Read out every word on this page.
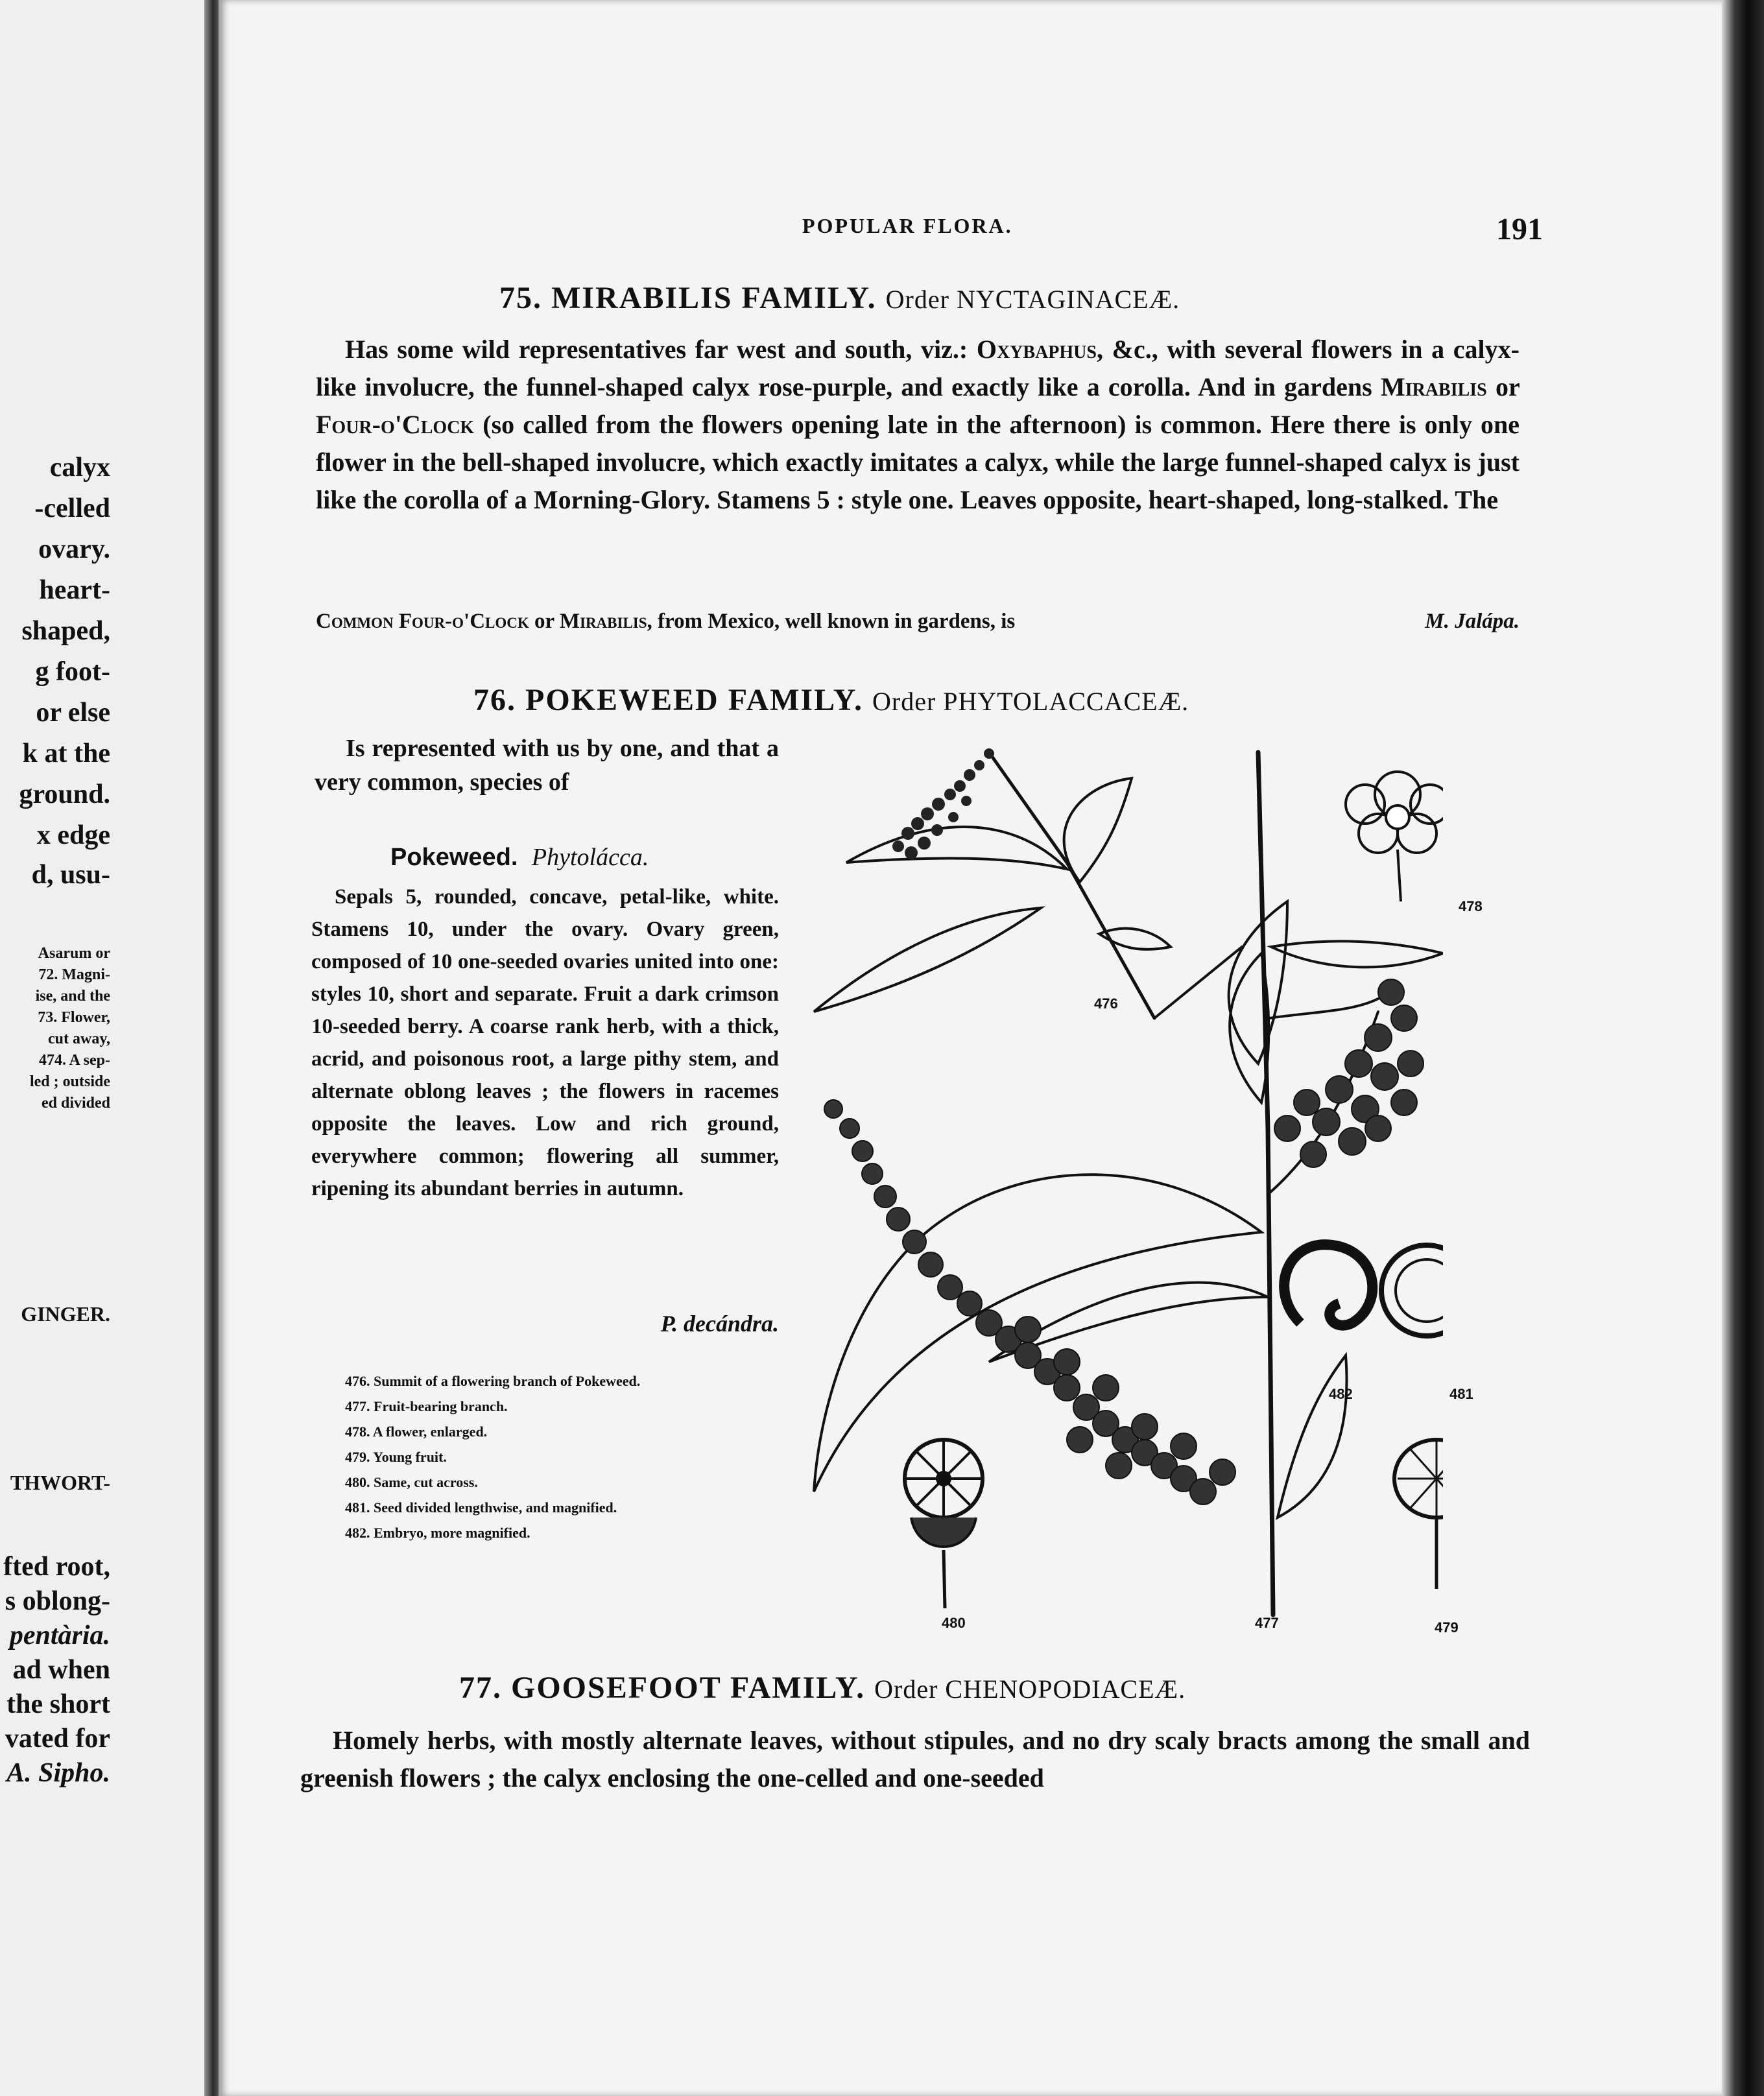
calyx
-celled
ovary.
heart-
shaped,
g foot-
or else
k at the
ground.
x edge
d, usu-
Asarum or
72. Magni-
ise, and the
73. Flower,
cut away,
474. A sep-
led ; outside
ed divided
GINGER.
THWORT-
fted root,
s oblong-
pentària.
ad when
the short
vated for
A. Sipho.
POPULAR FLORA.	191
75. MIRABILIS FAMILY. Order NYCTAGINACEÆ.
Has some wild representatives far west and south, viz.: Oxybaphus, &c., with several flowers in a calyx-like involucre, the funnel-shaped calyx rose-purple, and exactly like a corolla. And in gardens Mirabilis or Four-o'Clock (so called from the flowers opening late in the afternoon) is common. Here there is only one flower in the bell-shaped involucre, which exactly imitates a calyx, while the large funnel-shaped calyx is just like the corolla of a Morning-Glory. Stamens 5 : style one. Leaves opposite, heart-shaped, long-stalked. The
Common Four-o'Clock or Mirabilis, from Mexico, well known in gardens, is	M. Jalápa.
76. POKEWEED FAMILY. Order PHYTOLACCACEÆ.
Is represented with us by one, and that a very common, species of
Pokeweed. Phytolácca.
Sepals 5, rounded, concave, petal-like, white. Stamens 10, under the ovary. Ovary green, composed of 10 one-seeded ovaries united into one: styles 10, short and separate. Fruit a dark crimson 10-seeded berry. A coarse rank herb, with a thick, acrid, and poisonous root, a large pithy stem, and alternate oblong leaves ; the flowers in racemes opposite the leaves. Low and rich ground, everywhere common; flowering all summer, ripening its abundant berries in autumn.
P. decándra.
476. Summit of a flowering branch of Pokeweed.
477. Fruit-bearing branch.
478. A flower, enlarged.
479. Young fruit.
480. Same, cut across.
481. Seed divided lengthwise, and magnified.
482. Embryo, more magnified.
476
477
478
479
480
481
482
77. GOOSEFOOT FAMILY. Order CHENOPODIACEÆ.
Homely herbs, with mostly alternate leaves, without stipules, and no dry scaly bracts among the small and greenish flowers ; the calyx enclosing the one-celled and one-seeded
